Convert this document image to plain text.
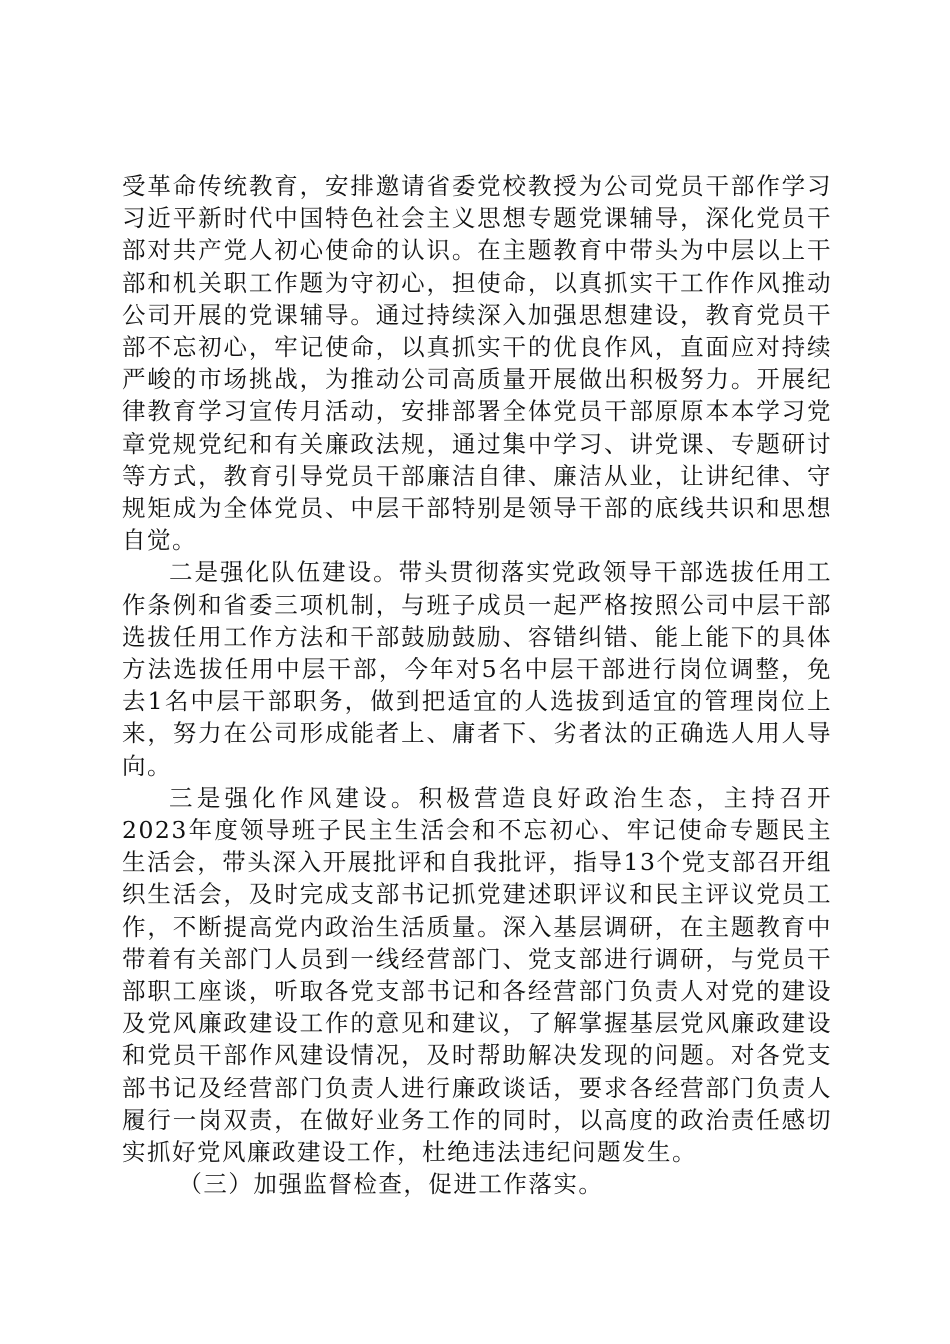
受革命传统教育，安排邀请省委党校教授为公司党员干部作学习习近平新时代中国特色社会主义思想专题党课辅导，深化党员干部对共产党人初心使命的认识。在主题教育中带头为中层以上干部和机关职工作题为守初心，担使命，以真抓实干工作作风推动公司开展的党课辅导。通过持续深入加强思想建设，教育党员干部不忘初心，牢记使命，以真抓实干的优良作风，直面应对持续严峻的市场挑战，为推动公司高质量开展做出积极努力。开展纪律教育学习宣传月活动，安排部署全体党员干部原原本本学习党章党规党纪和有关廉政法规，通过集中学习、讲党课、专题研讨等方式，教育引导党员干部廉洁自律、廉洁从业，让讲纪律、守规矩成为全体党员、中层干部特别是领导干部的底线共识和思想自觉。

二是强化队伍建设。带头贯彻落实党政领导干部选拔任用工作条例和省委三项机制，与班子成员一起严格按照公司中层干部选拔任用工作方法和干部鼓励鼓励、容错纠错、能上能下的具体方法选拔任用中层干部，今年对5名中层干部进行岗位调整，免去1名中层干部职务，做到把适宜的人选拔到适宜的管理岗位上来，努力在公司形成能者上、庸者下、劣者汰的正确选人用人导向。

三是强化作风建设。积极营造良好政治生态，主持召开2023年度领导班子民主生活会和不忘初心、牢记使命专题民主生活会，带头深入开展批评和自我批评，指导13个党支部召开组织生活会，及时完成支部书记抓党建述职评议和民主评议党员工作，不断提高党内政治生活质量。深入基层调研，在主题教育中带着有关部门人员到一线经营部门、党支部进行调研，与党员干部职工座谈，听取各党支部书记和各经营部门负责人对党的建设及党风廉政建设工作的意见和建议，了解掌握基层党风廉政建设和党员干部作风建设情况，及时帮助解决发现的问题。对各党支部书记及经营部门负责人进行廉政谈话，要求各经营部门负责人履行一岗双责，在做好业务工作的同时，以高度的政治责任感切实抓好党风廉政建设工作，杜绝违法违纪问题发生。

（三）加强监督检查，促进工作落实。
